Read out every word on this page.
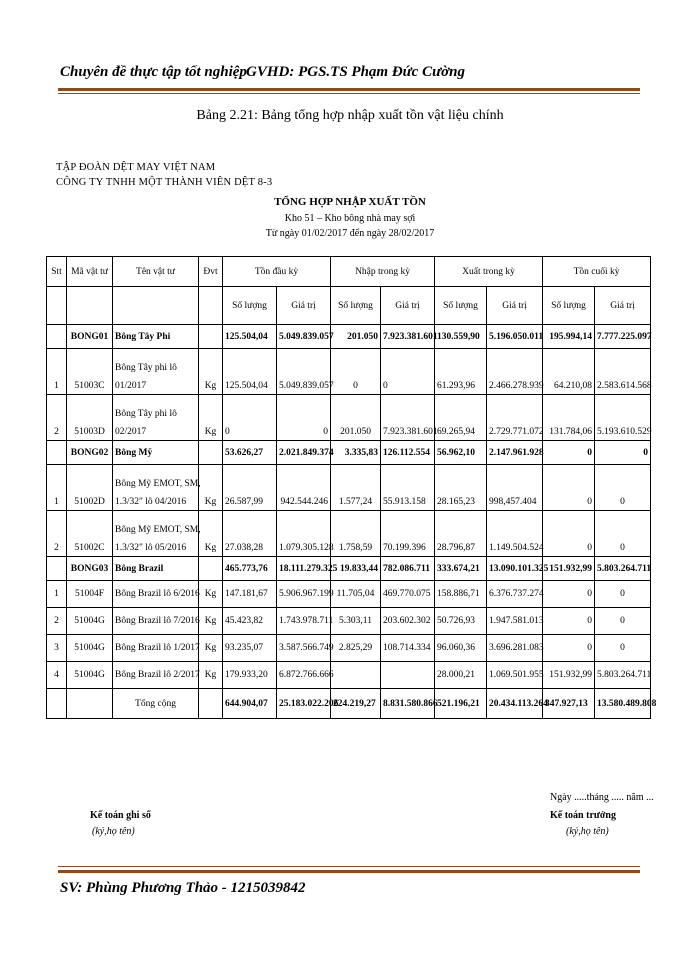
Chuyên đề thực tập tốt nghiệp GVHD: PGS.TS Phạm Đức Cường
Bảng 2.21: Bảng tổng hợp nhập xuất tồn vật liệu chính
TẬP ĐOÀN DỆT MAY VIỆT NAM
CÔNG TY TNHH MỘT THÀNH VIÊN DỆT 8-3
TỔNG HỢP NHẬP XUẤT TỒN
Kho 51 – Kho bông nhà may sợi
Từ ngày 01/02/2017 đến ngày 28/02/2017
Stt	Mã vật tư	Tên vật tư	Đvt	Tồn đầu kỳ		Nhập trong kỳ		Xuất trong kỳ		Tồn cuối kỳ	
				Số lượng	Giá trị	Số lượng	Giá trị	Số lượng	Giá trị	Số lượng	Giá trị
	BONG01	Bông Tây Phi		125.504,04	5.049.839.057	201.050	7.923.381.601	130.559,90	5.196.050.011	195.994,14	7.777.225.097
1	51003C	Bông Tây phi lô
01/2017	Kg	125.504,04	5.049.839.057	0	0	61.293,96	2.466.278.939	64.210,08	2.583.614.568
2	51003D	Bông Tây phi lô
02/2017	Kg	0	0	201.050	7.923.381.601	69.265,94	2.729.771.072	131.784,06	5.193.610.529
	BONG02	Bông Mỹ		53.626,27	2.021.849.374	3.335,83	126.112.554	56.962,10	2.147.961.928	0	0
1	51002D	Bông Mỹ EMOT, SM,
1.3/32" lô 04/2016	Kg	26.587,99	942.544.246	1.577,24	55.913.158	28.165,23	998,457.404	0	0
2	51002C	Bông Mỹ EMOT, SM,
1.3/32" lô 05/2016	Kg	27.038,28	1.079.305.128	1.758,59	70.199.396	28.796,87	1.149.504.524	0	0
	BONG03	Bông Brazil		465.773,76	18.111.279.325	19.833,44	782.086.711	333.674,21	13.090.101.325	151.932,99	5.803.264.711
1	51004F	Bông Brazil lô 6/2016	Kg	147.181,67	5.906.967.199	11.705,04	469.770.075	158.886,71	6.376.737.274	0	0
2	51004G	Bông Brazil lô 7/2016	Kg	45.423,82	1.743.978.711	5.303,11	203.602.302	50.726,93	1.947.581.013	0	0
3	51004G	Bông Brazil lô 1/2017	Kg	93.235,07	3.587.566.749	2.825,29	108.714.334	96.060,36	3.696.281.083	0	0
4	51004G	Bông Brazil lô 2/2017	Kg	179.933,20	6.872.766.666			28.000,21	1.069.501.955	151.932,99	5.803.264.711
		Tổng cộng		644.904,07	25.183.022.206	224.219,27	8.831.580.866	521.196,21	20.434.113.264	347.927,13	13.580.489.808
Ngày .....tháng ..... năm ...
Kế toán ghi sổ
(ký,họ tên)
Kế toán trưởng
(ký,họ tên)
SV: Phùng Phương Thảo - 1215039842
